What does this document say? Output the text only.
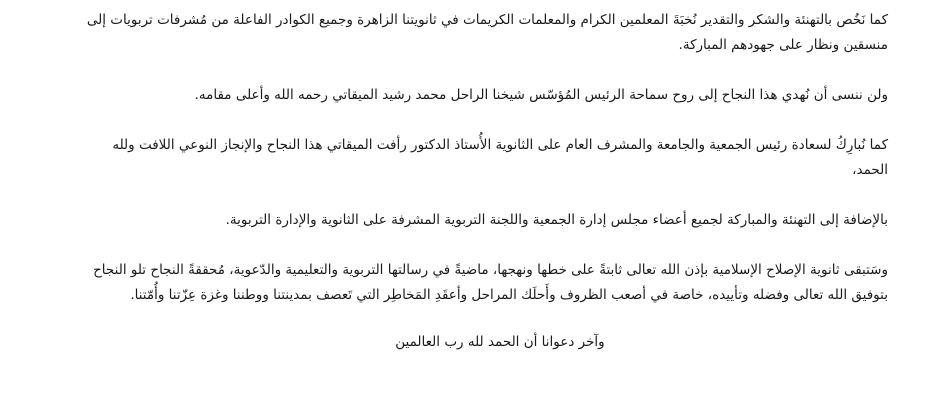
كما نَخُص بالتهنئة والشكر والتقدير نُخبَةَ المعلمين الكرام والمعلمات الكريمات في ثانويتنا الزاهرة وجميع الكوادر الفاعلة من مُشرفات تربويات إلى منسقين ونظار على جهودهم المباركة.

ولن ننسى أن نُهدي هذا النجاح إلى روح سماحة الرئيس المُؤسّس شيخنا الراحل محمد رشيد الميقاتي رحمه الله وأعلى مقامه.

كما نُبارِكُ لسعادة رئيس الجمعية والجامعة والمشرف العام على الثانوية الأُستاذ الدكتور رأفت الميقاتي هذا النجاح والإنجاز النوعي اللافت ولله الحمد،

بالإضافة إلى التهنئة والمباركة لجميع أعضاء مجلس إدارة الجمعية واللجنة التربوية المشرفة على الثانوية والإدارة التربوية.

وسَتبقى ثانوية الإصلاح الإسلامية بإذن الله تعالى ثابتةً على خطها ونهجها، ماضيةً في رسالتها التربوية والتعليمية والدّعوية، مُحققةً النجاح تلو النجاح بتوفيق الله تعالى وفضله وتأييده، خاصة في أصعب الظروف وأَحلَك المراحل وأعقَدِ المَخاطِر التي تَعصف بمدينتنا ووطننا وغزة عِزّتنا وأُمّتنا.

وآخر دعوانا أن الحمد لله رب العالمين
